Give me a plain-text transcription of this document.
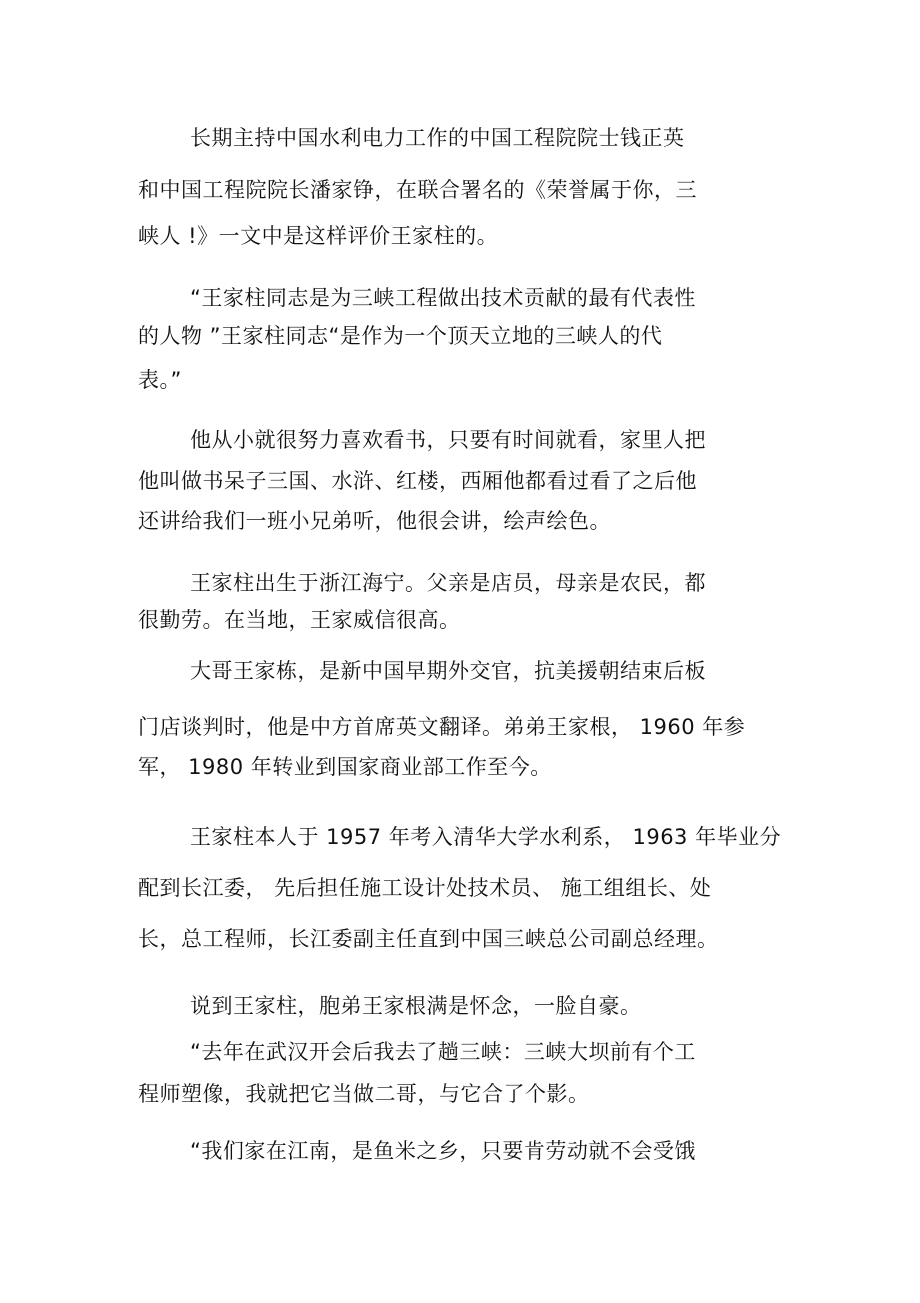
长期主持中国水利电力工作的中国工程院院士钱正英
和中国工程院院长潘家铮，在联合署名的《荣誉属于你，三
峡人 !》一文中是这样评价王家柱的。
“王家柱同志是为三峡工程做出技术贡献的最有代表性
的人物 ”王家柱同志“是作为一个顶天立地的三峡人的代
表。”
他从小就很努力喜欢看书，只要有时间就看，家里人把
他叫做书呆子三国、水浒、红楼，西厢他都看过看了之后他
还讲给我们一班小兄弟听，他很会讲，绘声绘色。
王家柱出生于浙江海宁。父亲是店员，母亲是农民，都
很勤劳。在当地，王家威信很高。
大哥王家栋，是新中国早期外交官，抗美援朝结束后板
门店谈判时，他是中方首席英文翻译。弟弟王家根， 1960 年参
军， 1980 年转业到国家商业部工作至今。
王家柱本人于 1957 年考入清华大学水利系， 1963 年毕业分
配到长江委， 先后担任施工设计处技术员、 施工组组长、处
长，总工程师，长江委副主任直到中国三峡总公司副总经理。
说到王家柱，胞弟王家根满是怀念，一脸自豪。
“去年在武汉开会后我去了趟三峡：三峡大坝前有个工
程师塑像，我就把它当做二哥，与它合了个影。
“我们家在江南，是鱼米之乡，只要肯劳动就不会受饿
